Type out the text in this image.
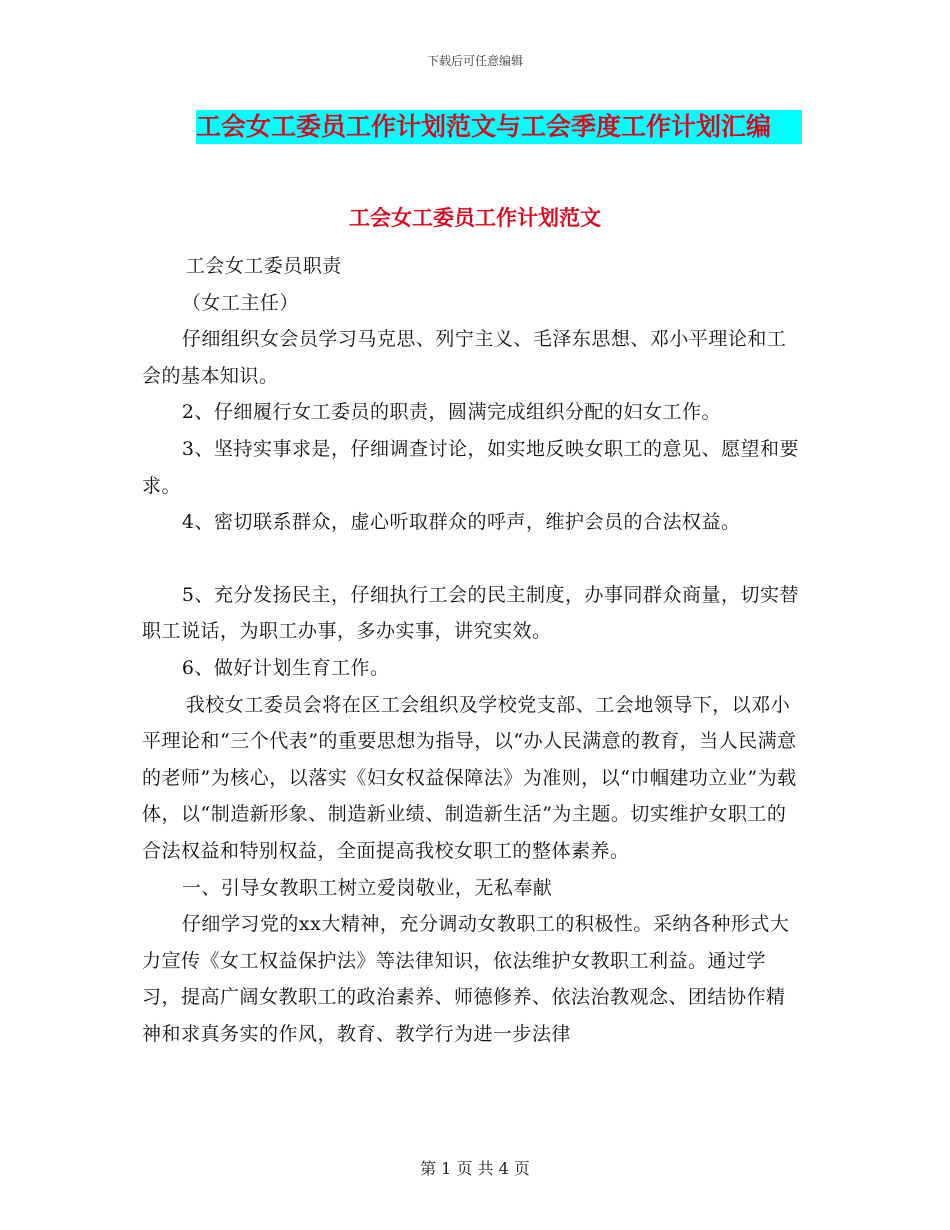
下载后可任意编辑
工会女工委员工作计划范文与工会季度工作计划汇编
工会女工委员工作计划范文

工会女工委员职责

（女工主任）

仔细组织女会员学习马克思、列宁主义、毛泽东思想、邓小平理论和工会的基本知识。

2、仔细履行女工委员的职责，圆满完成组织分配的妇女工作。

3、坚持实事求是，仔细调查讨论，如实地反映女职工的意见、愿望和要求。

4、密切联系群众，虚心听取群众的呼声，维护会员的合法权益。

5、充分发扬民主，仔细执行工会的民主制度，办事同群众商量，切实替职工说话，为职工办事，多办实事，讲究实效。

6、做好计划生育工作。

我校女工委员会将在区工会组织及学校党支部、工会地领导下，以邓小平理论和“三个代表”的重要思想为指导，以“办人民满意的教育，当人民满意的老师”为核心，以落实《妇女权益保障法》为准则，以“巾帼建功立业”为载体，以“制造新形象、制造新业绩、制造新生活”为主题。切实维护女职工的合法权益和特别权益，全面提高我校女职工的整体素养。

一、引导女教职工树立爱岗敬业，无私奉献

仔细学习党的xx大精神，充分调动女教职工的积极性。采纳各种形式大力宣传《女工权益保护法》等法律知识，依法维护女教职工利益。通过学习，提高广阔女教职工的政治素养、师德修养、依法治教观念、团结协作精神和求真务实的作风，教育、教学行为进一步法律

第 1 页 共 4 页
